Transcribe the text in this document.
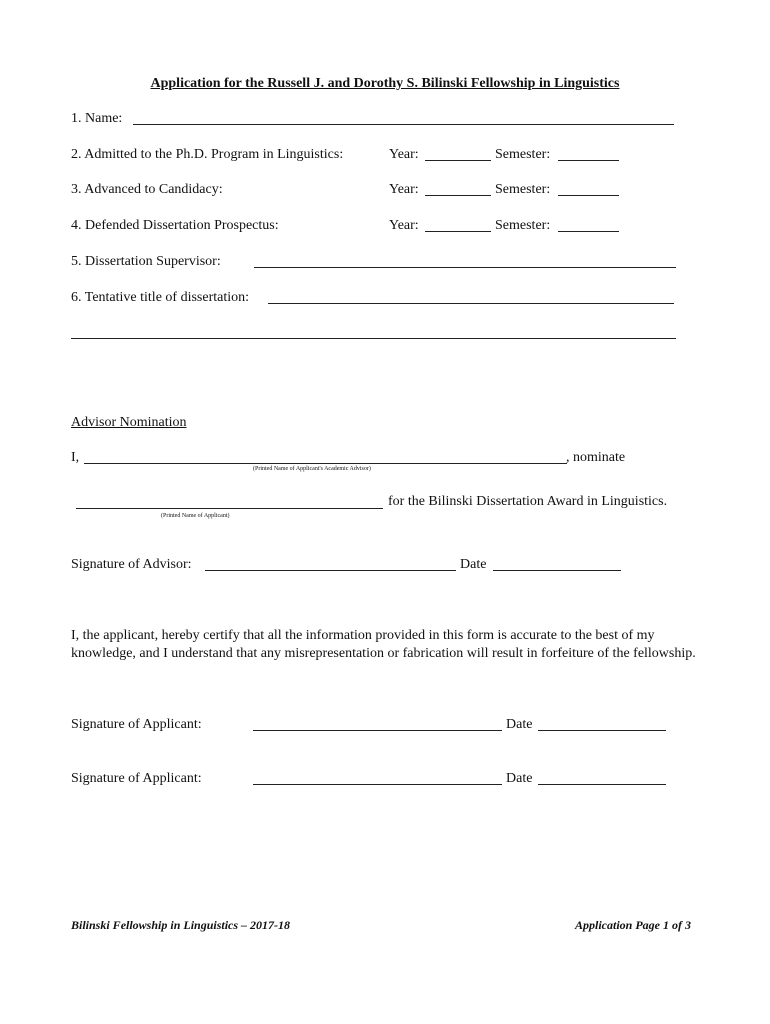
Application for the Russell J. and Dorothy S. Bilinski Fellowship in Linguistics
1. Name:
2. Admitted to the Ph.D. Program in Linguistics:	Year:	Semester:
3. Advanced to Candidacy:	Year:	Semester:
4. Defended Dissertation Prospectus:	Year:	Semester:
5. Dissertation Supervisor:
6. Tentative title of dissertation:
Advisor Nomination
I,	, nominate
(Printed Name of Applicant's Academic Advisor)
for the Bilinski Dissertation Award in Linguistics.
(Printed Name of Applicant)
Signature of Advisor:	Date
I, the applicant, hereby certify that all the information provided in this form is accurate to the best of my knowledge, and I understand that any misrepresentation or fabrication will result in forfeiture of the fellowship.
Signature of Applicant:	Date
Signature of Applicant:	Date
Bilinski Fellowship in Linguistics – 2017-18	Application Page 1 of 3
